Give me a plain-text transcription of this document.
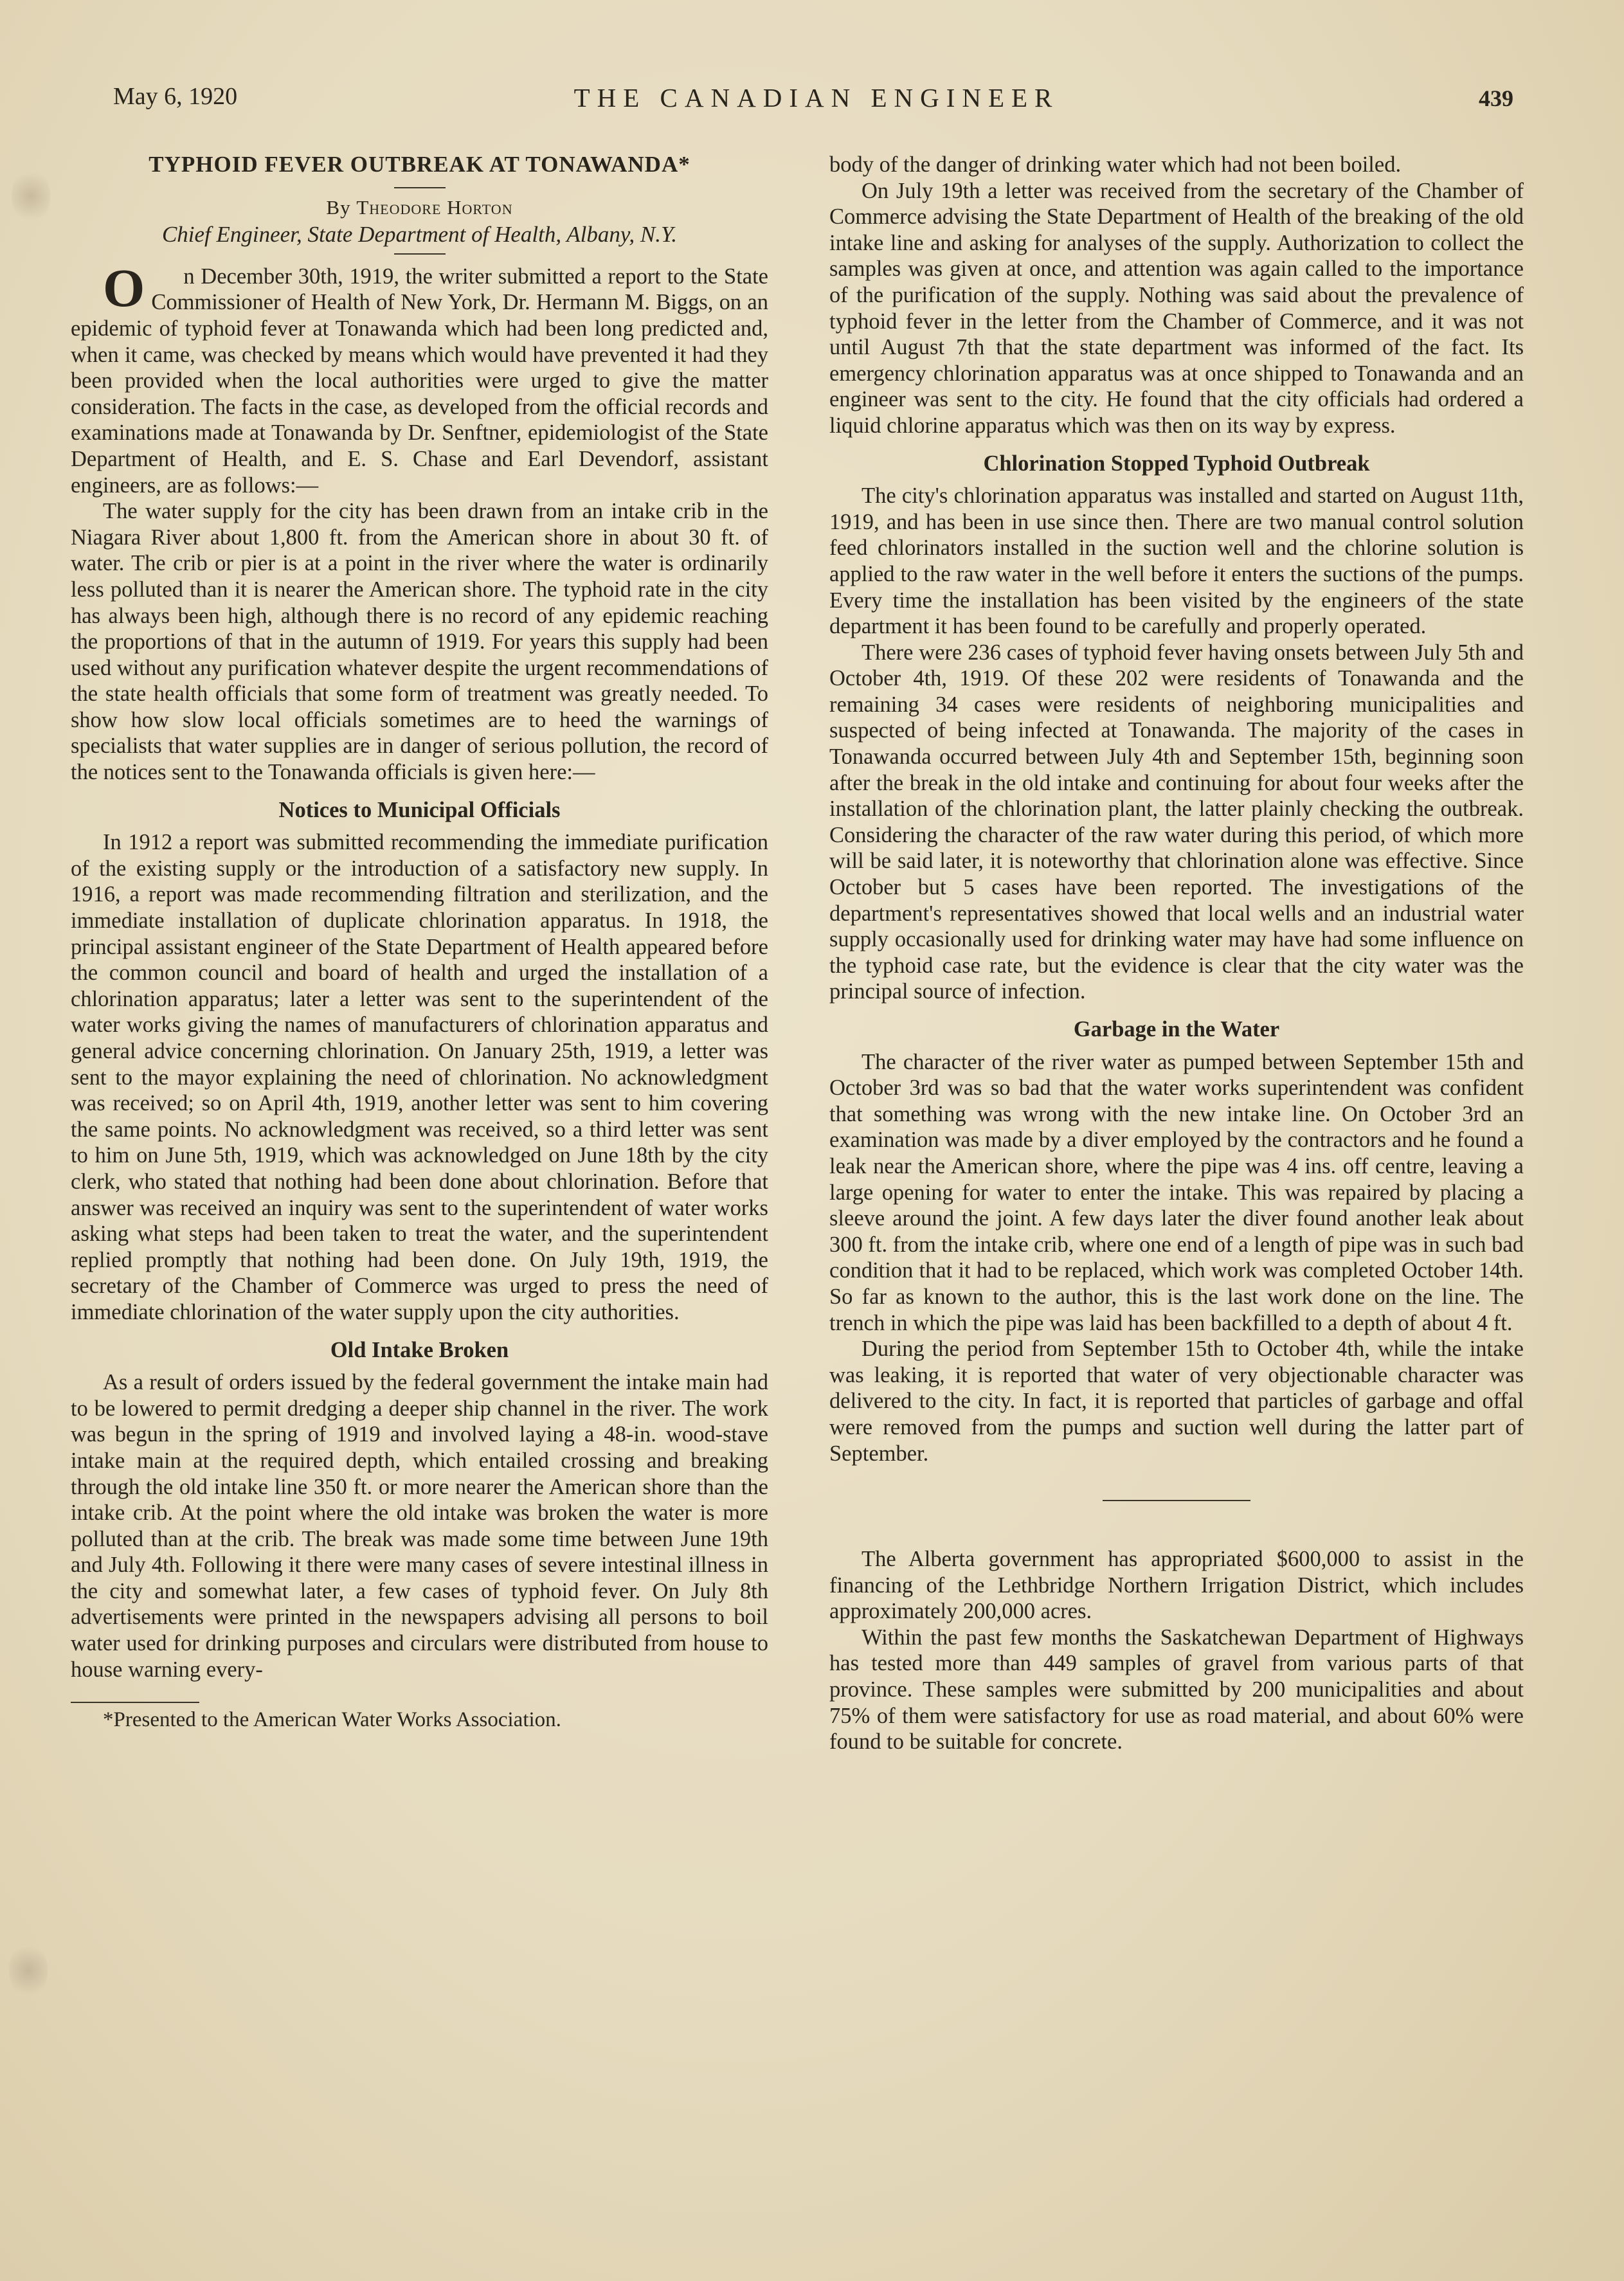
May 6, 1920	THE CANADIAN ENGINEER	439
TYPHOID FEVER OUTBREAK AT TONAWANDA*
By Theodore Horton
Chief Engineer, State Department of Health, Albany, N.Y.

On December 30th, 1919, the writer submitted a report to the State Commissioner of Health of New York, Dr. Hermann M. Biggs, on an epidemic of typhoid fever at Tonawanda which had been long predicted and, when it came, was checked by means which would have prevented it had they been provided when the local authorities were urged to give the matter consideration. The facts in the case, as developed from the official records and examinations made at Tonawanda by Dr. Senftner, epidemiologist of the State Department of Health, and E. S. Chase and Earl Devendorf, assistant engineers, are as follows:—

The water supply for the city has been drawn from an intake crib in the Niagara River about 1,800 ft. from the American shore in about 30 ft. of water. The crib or pier is at a point in the river where the water is ordinarily less polluted than it is nearer the American shore. The typhoid rate in the city has always been high, although there is no record of any epidemic reaching the proportions of that in the autumn of 1919. For years this supply had been used without any purification whatever despite the urgent recommendations of the state health officials that some form of treatment was greatly needed. To show how slow local officials sometimes are to heed the warnings of specialists that water supplies are in danger of serious pollution, the record of the notices sent to the Tonawanda officials is given here:—

Notices to Municipal Officials

In 1912 a report was submitted recommending the immediate purification of the existing supply or the introduction of a satisfactory new supply. In 1916, a report was made recommending filtration and sterilization, and the immediate installation of duplicate chlorination apparatus. In 1918, the principal assistant engineer of the State Department of Health appeared before the common council and board of health and urged the installation of a chlorination apparatus; later a letter was sent to the superintendent of the water works giving the names of manufacturers of chlorination apparatus and general advice concerning chlorination. On January 25th, 1919, a letter was sent to the mayor explaining the need of chlorination. No acknowledgment was received; so on April 4th, 1919, another letter was sent to him covering the same points. No acknowledgment was received, so a third letter was sent to him on June 5th, 1919, which was acknowledged on June 18th by the city clerk, who stated that nothing had been done about chlorination. Before that answer was received an inquiry was sent to the superintendent of water works asking what steps had been taken to treat the water, and the superintendent replied promptly that nothing had been done. On July 19th, 1919, the secretary of the Chamber of Commerce was urged to press the need of immediate chlorination of the water supply upon the city authorities.

Old Intake Broken

As a result of orders issued by the federal government the intake main had to be lowered to permit dredging a deeper ship channel in the river. The work was begun in the spring of 1919 and involved laying a 48-in. wood-stave intake main at the required depth, which entailed crossing and breaking through the old intake line 350 ft. or more nearer the American shore than the intake crib. At the point where the old intake was broken the water is more polluted than at the crib. The break was made some time between June 19th and July 4th. Following it there were many cases of severe intestinal illness in the city and somewhat later, a few cases of typhoid fever. On July 8th advertisements were printed in the newspapers advising all persons to boil water used for drinking purposes and circulars were distributed from house to house warning every-

*Presented to the American Water Works Association.

body of the danger of drinking water which had not been boiled.

On July 19th a letter was received from the secretary of the Chamber of Commerce advising the State Department of Health of the breaking of the old intake line and asking for analyses of the supply. Authorization to collect the samples was given at once, and attention was again called to the importance of the purification of the supply. Nothing was said about the prevalence of typhoid fever in the letter from the Chamber of Commerce, and it was not until August 7th that the state department was informed of the fact. Its emergency chlorination apparatus was at once shipped to Tonawanda and an engineer was sent to the city. He found that the city officials had ordered a liquid chlorine apparatus which was then on its way by express.

Chlorination Stopped Typhoid Outbreak

The city's chlorination apparatus was installed and started on August 11th, 1919, and has been in use since then. There are two manual control solution feed chlorinators installed in the suction well and the chlorine solution is applied to the raw water in the well before it enters the suctions of the pumps. Every time the installation has been visited by the engineers of the state department it has been found to be carefully and properly operated.

There were 236 cases of typhoid fever having onsets between July 5th and October 4th, 1919. Of these 202 were residents of Tonawanda and the remaining 34 cases were residents of neighboring municipalities and suspected of being infected at Tonawanda. The majority of the cases in Tonawanda occurred between July 4th and September 15th, beginning soon after the break in the old intake and continuing for about four weeks after the installation of the chlorination plant, the latter plainly checking the outbreak. Considering the character of the raw water during this period, of which more will be said later, it is noteworthy that chlorination alone was effective. Since October but 5 cases have been reported. The investigations of the department's representatives showed that local wells and an industrial water supply occasionally used for drinking water may have had some influence on the typhoid case rate, but the evidence is clear that the city water was the principal source of infection.

Garbage in the Water

The character of the river water as pumped between September 15th and October 3rd was so bad that the water works superintendent was confident that something was wrong with the new intake line. On October 3rd an examination was made by a diver employed by the contractors and he found a leak near the American shore, where the pipe was 4 ins. off centre, leaving a large opening for water to enter the intake. This was repaired by placing a sleeve around the joint. A few days later the diver found another leak about 300 ft. from the intake crib, where one end of a length of pipe was in such bad condition that it had to be replaced, which work was completed October 14th. So far as known to the author, this is the last work done on the line. The trench in which the pipe was laid has been backfilled to a depth of about 4 ft.

During the period from September 15th to October 4th, while the intake was leaking, it is reported that water of very objectionable character was delivered to the city. In fact, it is reported that particles of garbage and offal were removed from the pumps and suction well during the latter part of September.

The Alberta government has appropriated $600,000 to assist in the financing of the Lethbridge Northern Irrigation District, which includes approximately 200,000 acres.

Within the past few months the Saskatchewan Department of Highways has tested more than 449 samples of gravel from various parts of that province. These samples were submitted by 200 municipalities and about 75% of them were satisfactory for use as road material, and about 60% were found to be suitable for concrete.
